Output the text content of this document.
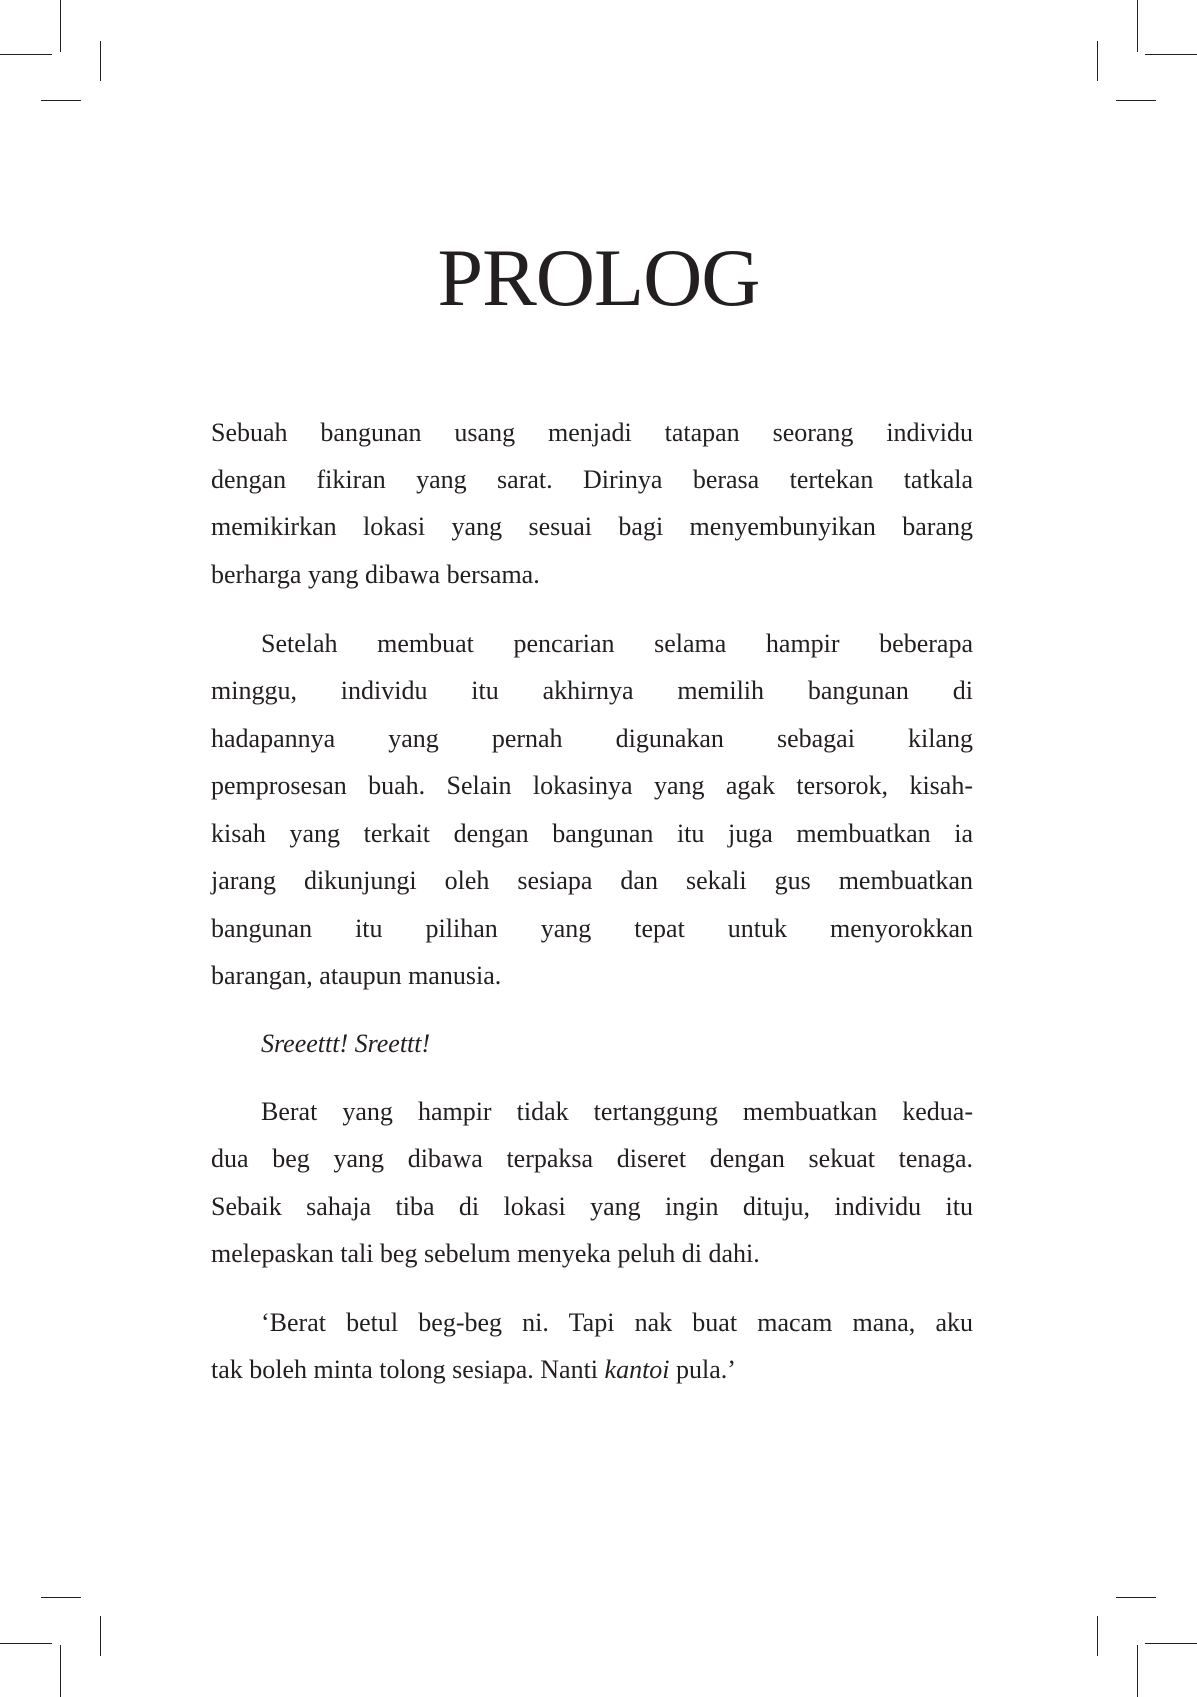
PROLOG
Sebuah bangunan usang menjadi tatapan seorang individu
dengan fikiran yang sarat. Dirinya berasa tertekan tatkala
memikirkan lokasi yang sesuai bagi menyembunyikan barang
berharga yang dibawa bersama.
Setelah membuat pencarian selama hampir beberapa
minggu, individu itu akhirnya memilih bangunan di
hadapannya yang pernah digunakan sebagai kilang
pemprosesan buah. Selain lokasinya yang agak tersorok, kisah-
kisah yang terkait dengan bangunan itu juga membuatkan ia
jarang dikunjungi oleh sesiapa dan sekali gus membuatkan
bangunan itu pilihan yang tepat untuk menyorokkan
barangan, ataupun manusia.
Sreeettt! Sreettt!
Berat yang hampir tidak tertanggung membuatkan kedua-
dua beg yang dibawa terpaksa diseret dengan sekuat tenaga.
Sebaik sahaja tiba di lokasi yang ingin dituju, individu itu
melepaskan tali beg sebelum menyeka peluh di dahi.
‘Berat betul beg-beg ni. Tapi nak buat macam mana, aku
tak boleh minta tolong sesiapa. Nanti kantoi pula.’
